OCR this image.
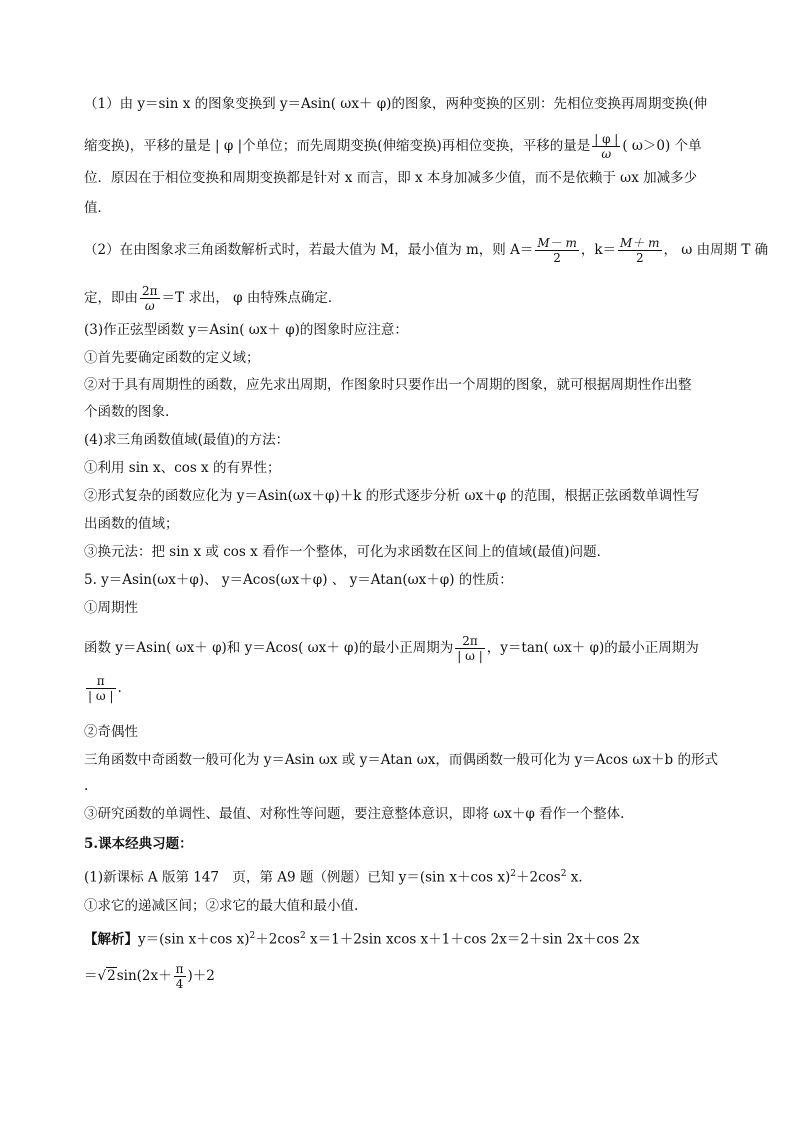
（1）由 y＝sin x 的图象变换到 y＝Asin( ωx＋ φ)的图象，两种变换的区别：先相位变换再周期变换(伸
缩变换)，平移的量是 | φ |个单位；而先周期变换(伸缩变换)再相位变换，平移的量是 $\frac{| \varphi |}{\omega}$ ( ω＞0) 个单
位．原因在于相位变换和周期变换都是针对 x 而言，即 x 本身加减多少值，而不是依赖于 ωx 加减多少
值．
（2）在由图象求三角函数解析式时，若最大值为 M，最小值为 m，则 $A= \frac{M- m}{2}$ ，$k= \frac{M+ m}{2}$ ， ω 由周期 T 确
定，即由 $\frac{2\pi}{\omega} =T$ 求出， φ 由特殊点确定．
(3)作正弦型函数 y＝Asin( ωx＋ φ)的图象时应注意：
①首先要确定函数的定义域；
②对于具有周期性的函数，应先求出周期，作图象时只要作出一个周期的图象，就可根据周期性作出整
个函数的图象.
(4)求三角函数值域(最值)的方法：
①利用 sin x、cos x 的有界性；
②形式复杂的函数应化为 y＝Asin(ωx＋φ)＋k 的形式逐步分析 ωx＋φ 的范围，根据正弦函数单调性写
出函数的值域；
③换元法：把 sin x 或 cos x 看作一个整体，可化为求函数在区间上的值域(最值)问题．
5. y＝Asin(ωx＋φ)、 y＝Acos(ωx＋φ) 、 y＝Atan(ωx＋φ) 的性质：
①周期性
函数 y＝Asin( ωx＋ φ)和 y＝Acos( ωx＋ φ)的最小正周期为 $\frac{2\pi}{| \omega |}$ ，y＝tan( ωx＋ φ)的最小正周期为
$\frac{\pi}{| \omega |}$ .
②奇偶性
三角函数中奇函数一般可化为 y＝Asin ωx 或 y＝Atan ωx，而偶函数一般可化为 y＝Acos ωx＋b 的形式
.
③研究函数的单调性、最值、对称性等问题，要注意整体意识，即将 ωx＋φ 看作一个整体.
5.课本经典习题：
(1)新课标 A 版第 147　页，第 A9 题（例题）已知 y＝(sin x＋cos $x)^2+2\cos^2$ x．
①求它的递减区间；②求它的最大值和最小值.
【解析】y＝(sin x＋cos $x)^2+2\cos^2$ x＝1＋2sin xcos x＋1＋cos 2x＝2＋sin 2x＋cos 2x
$=√2\sin(2x+ \frac{\pi}{4} )+2$
